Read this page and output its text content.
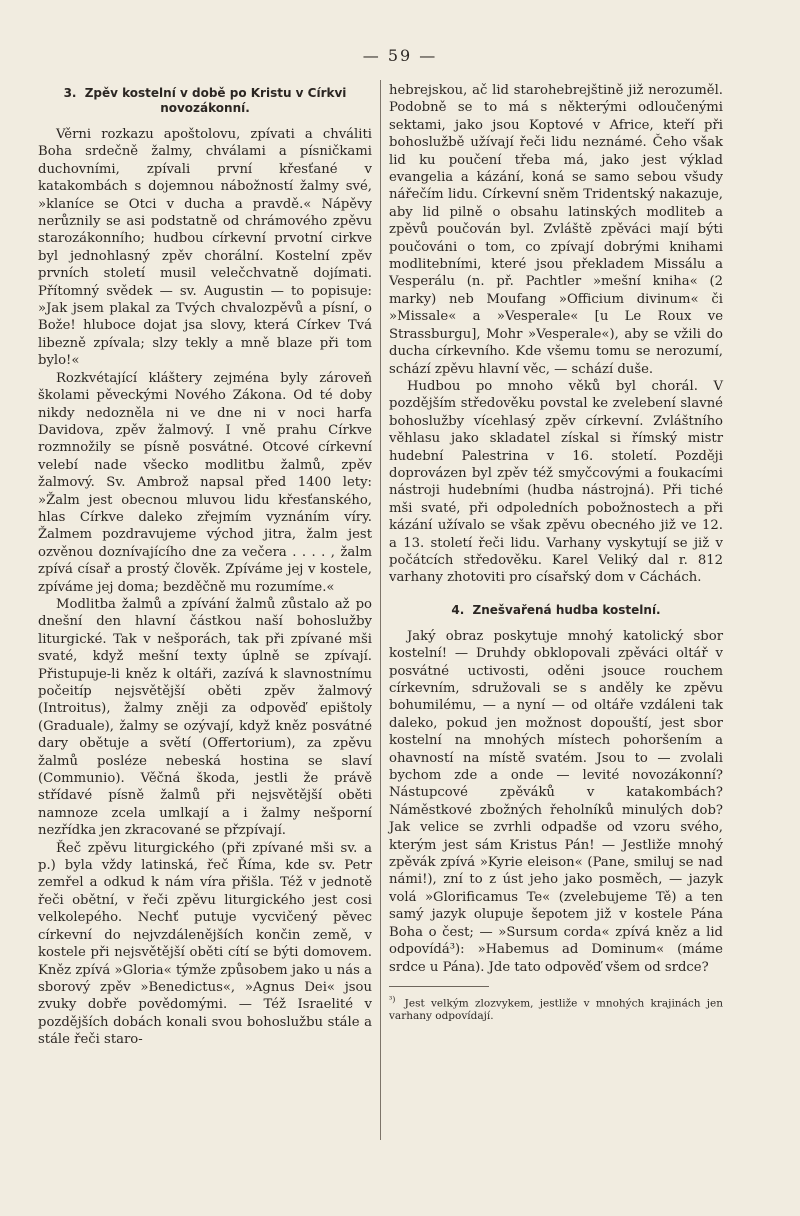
— 59 —
3. Zpěv kostelní v době po Kristu v Církvi novozákonní.

Věrni rozkazu apoštolovu, zpívati a chváliti Boha srdečně žalmy, chválami a písničkami duchovními, zpívali první křesťané v katakombách s dojemnou nábožností žalmy své, »klaníce se Otci v ducha a pravdě.« Nápěvy nerůznily se asi podstatně od chrámového zpěvu starozákonního; hudbou církevní prvotní cirkve byl jednohlasný zpěv chorální. Kostelní zpěv prvních století musil velečchvatně dojímati. Přítomný svědek — sv. Augustin — to popisuje: »Jak jsem plakal za Tvých chvalozpěvů a písní, o Bože! hluboce dojat jsa slovy, která Církev Tvá libezně zpívala; slzy tekly a mně blaze při tom bylo!«

Rozkvétající kláštery zejména byly zároveň školami pěveckými Nového Zákona. Od té doby nikdy nedozněla ni ve dne ni v noci harfa Davidova, zpěv žalmový. I vně prahu Církve rozmnožily se písně posvátné. Otcové církevní velebí nade všecko modlitbu žalmů, zpěv žalmový. Sv. Ambrož napsal před 1400 lety: »Žalm jest obecnou mluvou lidu křesťanského, hlas Církve daleko zřejmím vyznáním víry. Žalmem pozdravujeme východ jitra, žalm jest ozvěnou doznívajícího dne za večera . . . . , žalm zpívá císař a prostý člověk. Zpíváme jej v kostele, zpíváme jej doma; bezděčně mu rozumíme.«

Modlitba žalmů a zpívání žalmů zůstalo až po dnešní den hlavní částkou naší bohoslužby liturgické. Tak v nešporách, tak při zpívané mši svaté, když mešní texty úplně se zpívají. Přistupuje-li kněz k oltáři, zazívá k slavnostnímu počeitíp nejsvětější oběti zpěv žalmový (Introitus), žalmy zněji za odpověď epištoly (Graduale), žalmy se ozývají, když kněz posvátné dary obětuje a světí (Offertorium), za zpěvu žalmů posléze nebeská hostina se slaví (Communio). Věčná škoda, jestli že právě střídavé písně žalmů při nejsvětější oběti namnoze zcela umlkají a i žalmy nešporní nezřídka jen zkracované se přzpívají.

Řeč zpěvu liturgického (při zpívané mši sv. a p.) byla vždy latinská, řeč Říma, kde sv. Petr zemřel a odkud k nám víra přišla. Též v jednotě řeči obětní, v řeči zpěvu liturgického jest cosi velkolepého. Nechť putuje vycvičený pěvec církevní do nejvzdálenějších končin země, v kostele při nejsvětější oběti cítí se býti domovem. Kněz zpívá »Gloria« týmže způsobem jako u nás a sborový zpěv »Benedictus«, »Agnus Dei« jsou zvuky dobře povědomými. — Též Israelité v pozdějších dobách konali svou bohoslužbu stále a stále řeči staro-

hebrejskou, ač lid starohebrejštině již nerozuměl. Podobně se to má s některými odloučenými sektami, jako jsou Koptové v Africe, kteří při bohoslužbě užívají řeči lidu neznámé. Čeho však lid ku poučení třeba má, jako jest výklad evangelia a kázání, koná se samo sebou všudy nářečím lidu. Církevní sněm Tridentský nakazuje, aby lid pilně o obsahu latinských modliteb a zpěvů poučován byl. Zvláště zpěváci mají býti poučováni o tom, co zpívají dobrými knihami modlitebními, které jsou překladem Missálu a Vesperálu (n. př. Pachtler »mešní kniha« (2 marky) neb Moufang »Officium divinum« či »Missale« a »Vesperale« [u Le Roux ve Strassburgu], Mohr »Vesperale«), aby se vžili do ducha církevního. Kde všemu tomu se nerozumí, schází zpěvu hlavní věc, — schází duše.

Hudbou po mnoho věků byl chorál. V pozdějším středověku povstal ke zvelebení slavné bohoslužby vícehlasý zpěv církevní. Zvláštního věhlasu jako skladatel získal si římský mistr hudební Palestrina v 16. století. Později doprovázen byl zpěv též smyčcovými a foukacími nástroji hudebními (hudba nástrojná). Při tiché mši svaté, při odpoledních pobožnostech a při kázání užívalo se však zpěvu obecného již ve 12. a 13. století řeči lidu. Varhany vyskytují se již v počátcích středověku. Karel Veliký dal r. 812 varhany zhotoviti pro císařský dom v Cáchách.

4. Znešvařená hudba kostelní.

Jaký obraz poskytuje mnohý katolický sbor kostelní! — Druhdy obklopovali zpěváci oltář v posvátné uctivosti, oděni jsouce rouchem církevním, sdružovali se s anděly ke zpěvu bohumilému, — a nyní — od oltáře vzdáleni tak daleko, pokud jen možnost dopouští, jest sbor kostelní na mnohých místech pohoršením a ohavností na místě svatém. Jsou to — zvolali bychom zde a onde — levité novozákonní? Nástupcové zpěváků v katakombách? Náměstkové zbožných řeholníků minulých dob? Jak velice se zvrhli odpadše od vzoru svého, kterým jest sám Kristus Pán! — Jestliže mnohý zpěvák zpívá »Kyrie eleison« (Pane, smiluj se nad námi!), zní to z úst jeho jako posměch, — jazyk volá »Glorificamus Te« (zvelebujeme Tě) a ten samý jazyk olupuje šepotem již v kostele Pána Boha o čest; — »Sursum corda« zpívá kněz a lid odpovídá³): »Habemus ad Dominum« (máme srdce u Pána). Jde tato odpověď všem od srdce?

$^{^3)}$ Jest velkým zlozvykem, jestliže v mnohých krajinách jen varhany odpovídají.
